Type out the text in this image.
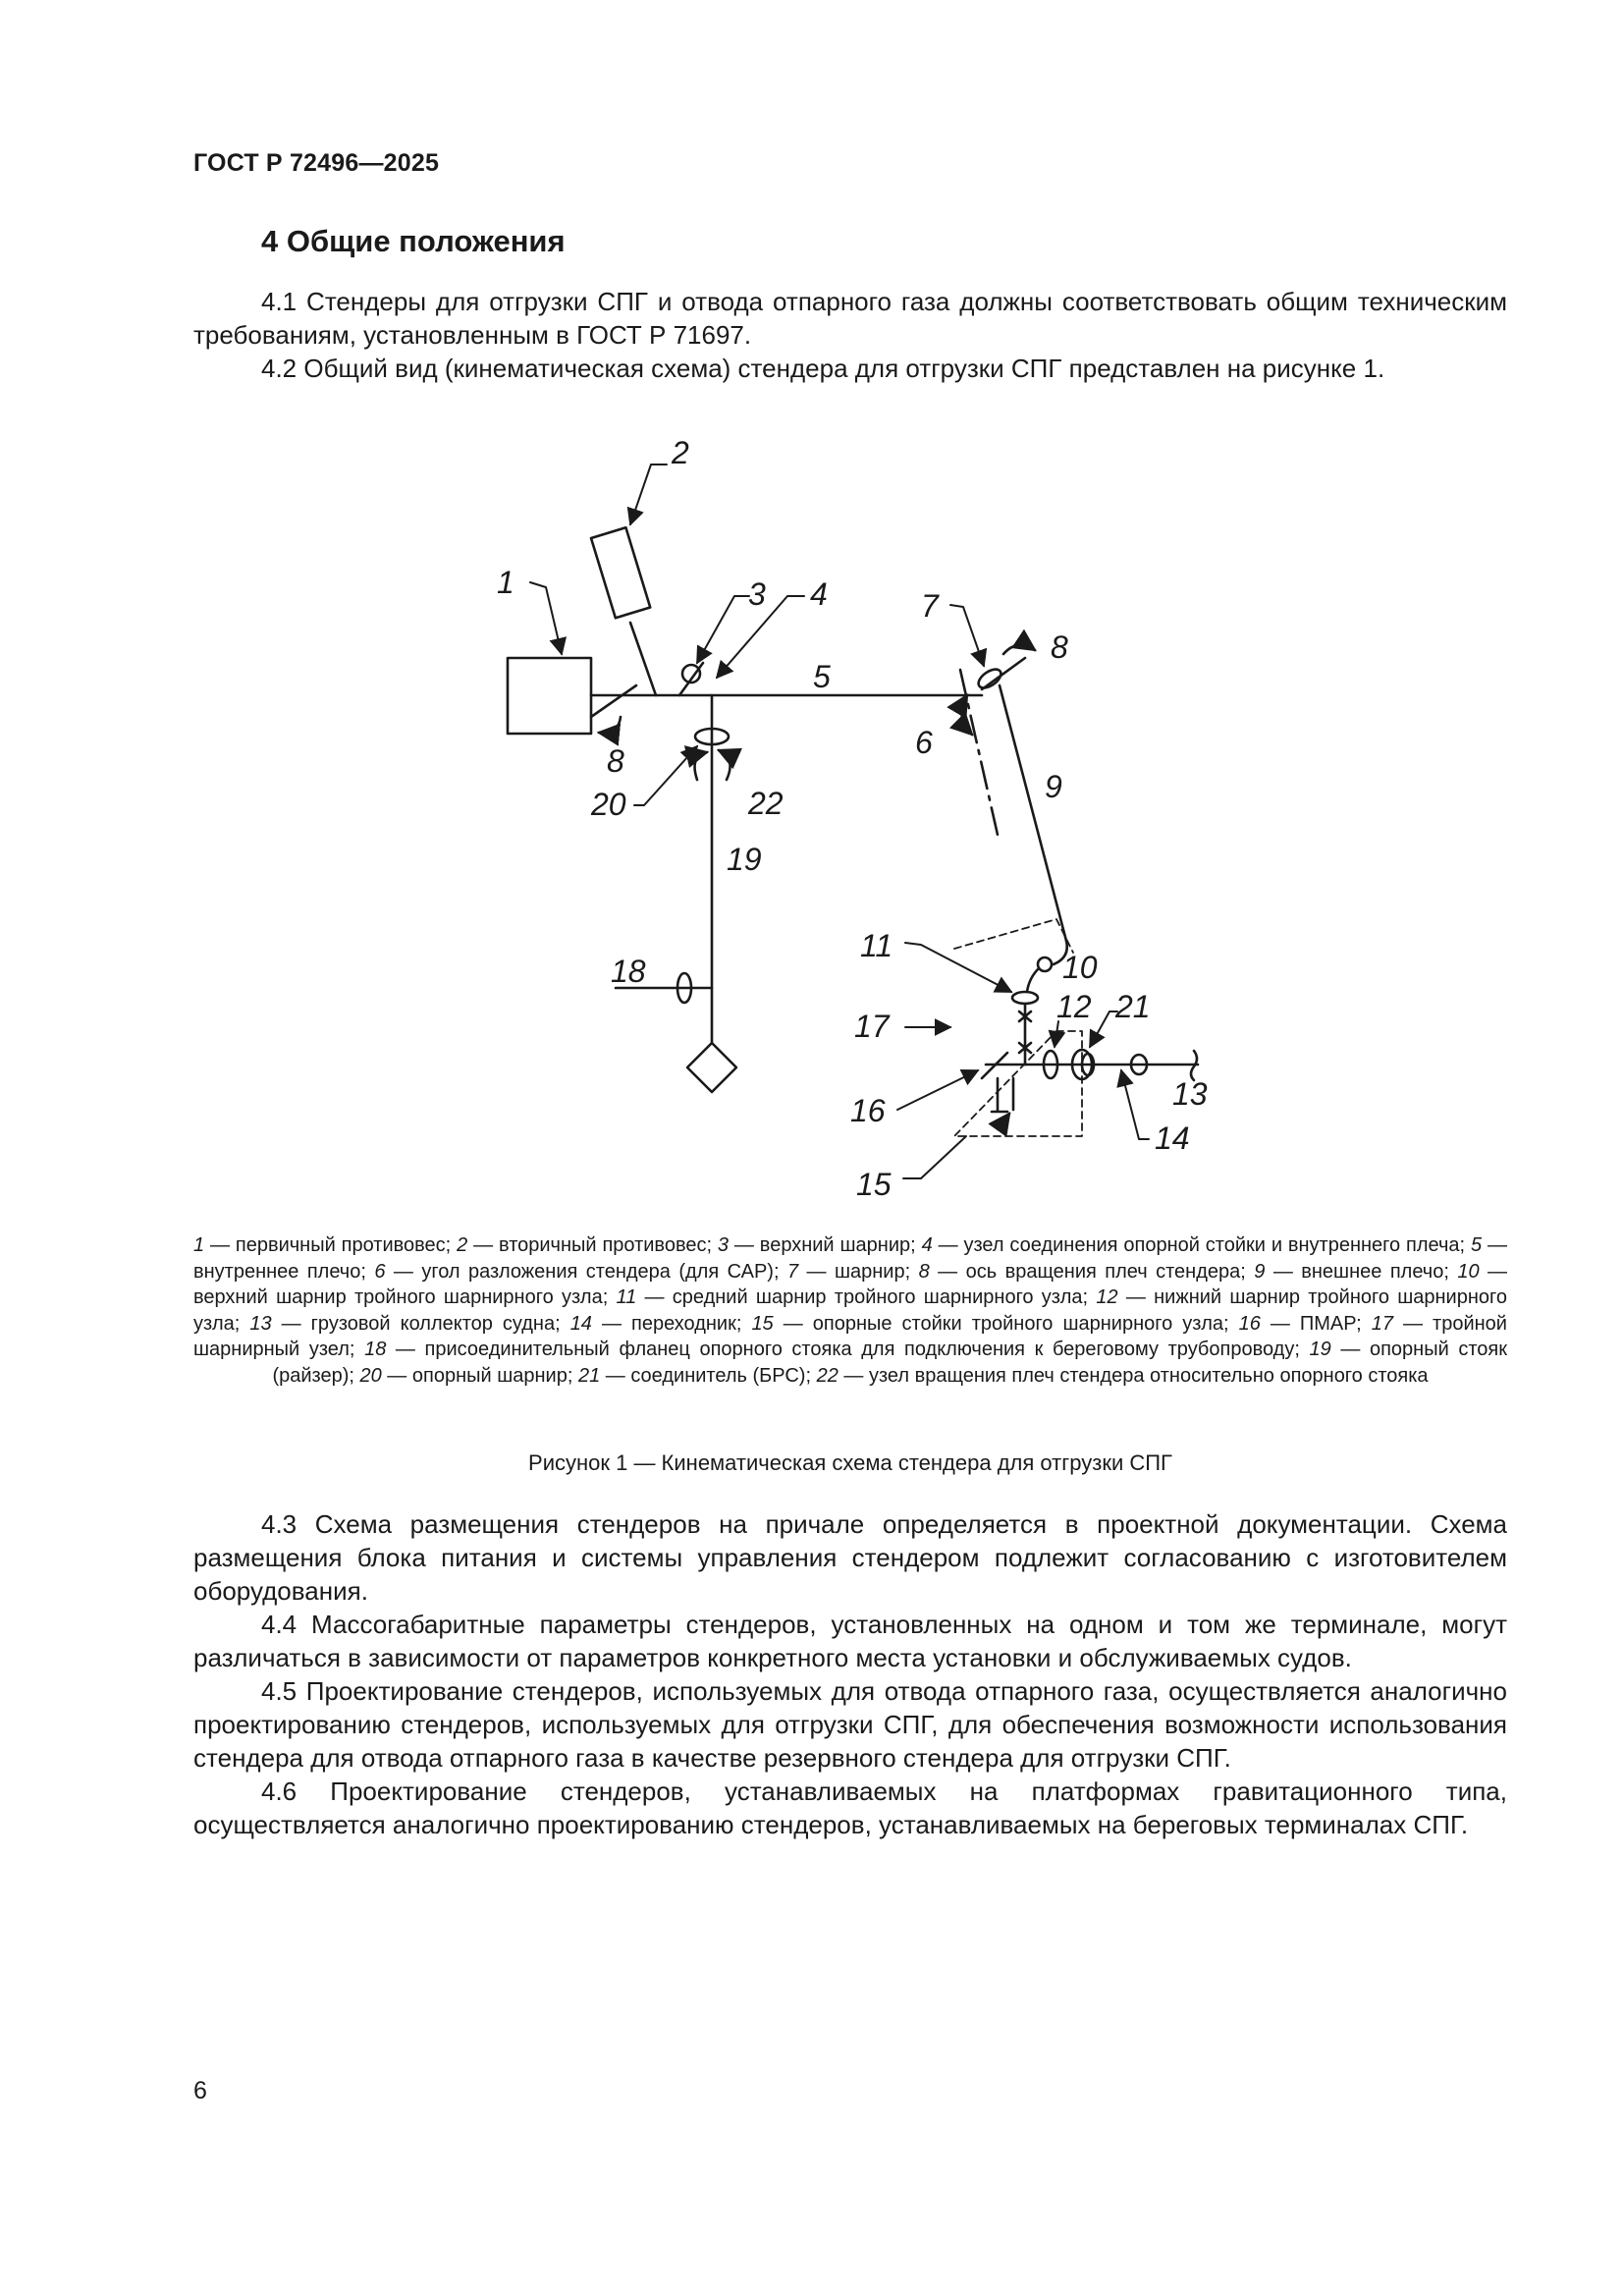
ГОСТ Р 72496—2025
4 Общие положения

4.1 Стендеры для отгрузки СПГ и отвода отпарного газа должны соответствовать общим техническим требованиям, установленным в ГОСТ Р 71697.

4.2 Общий вид (кинематическая схема) стендера для отгрузки СПГ представлен на рисунке 1.

1
2
3 4
5
6
7
8
8
9
10
11
12
13
14
15
16
17
18
19
20
21
22
1 — первичный противовес; 2 — вторичный противовес; 3 — верхний шарнир; 4 — узел соединения опорной стойки и внутреннего плеча; 5 — внутреннее плечо; 6 — угол разложения стендера (для САР); 7 — шарнир; 8 — ось вращения плеч стендера; 9 — внешнее плечо; 10 — верхний шарнир тройного шарнирного узла; 11 — средний шарнир тройного шарнирного узла; 12 — нижний шарнир тройного шарнирного узла; 13 — грузовой коллектор судна; 14 — переходник; 15 — опорные стойки тройного шарнирного узла; 16 — ПМАР; 17 — тройной шарнирный узел; 18 — присоединительный фланец опорного стояка для подключения к береговому трубопроводу; 19 — опорный стояк (райзер); 20 — опорный шарнир; 21 — соединитель (БРС); 22 — узел вращения плеч стендера относительно опорного стояка
Рисунок 1 — Кинематическая схема стендера для отгрузки СПГ

4.3 Схема размещения стендеров на причале определяется в проектной документации. Схема размещения блока питания и системы управления стендером подлежит согласованию с изготовителем оборудования.

4.4 Массогабаритные параметры стендеров, установленных на одном и том же терминале, могут различаться в зависимости от параметров конкретного места установки и обслуживаемых судов.

4.5 Проектирование стендеров, используемых для отвода отпарного газа, осуществляется аналогично проектированию стендеров, используемых для отгрузки СПГ, для обеспечения возможности использования стендера для отвода отпарного газа в качестве резервного стендера для отгрузки СПГ.

4.6 Проектирование стендеров, устанавливаемых на платформах гравитационного типа, осуществляется аналогично проектированию стендеров, устанавливаемых на береговых терминалах СПГ.

6
